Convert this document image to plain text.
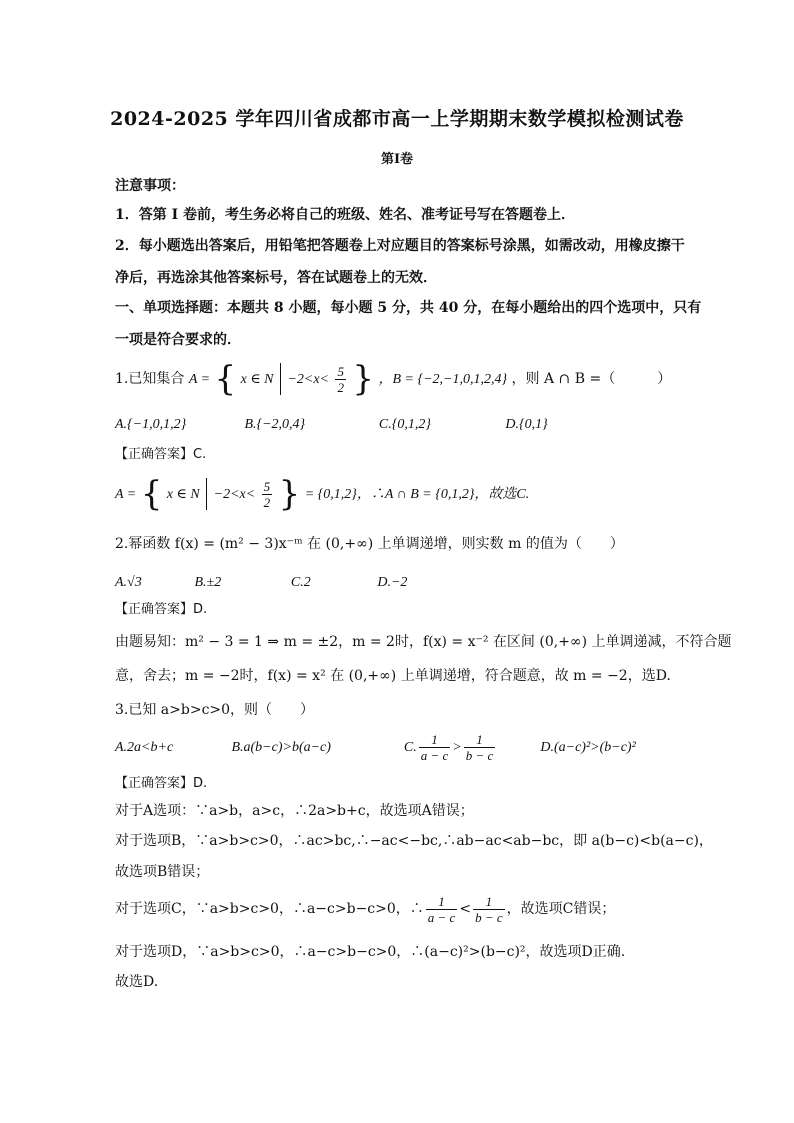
2024-2025 学年四川省成都市高一上学期期末数学模拟检测试卷
第I卷
注意事项：
1．答第 I 卷前，考生务必将自己的班级、姓名、准考证号写在答题卷上．
2．每小题选出答案后，用铅笔把答题卷上对应题目的答案标号涂黑，如需改动，用橡皮擦干
净后，再选涂其他答案标号，答在试题卷上的无效．
一、单项选择题：本题共 8 小题，每小题 5 分，共 40 分，在每小题给出的四个选项中，只有
一项是符合要求的．
1.已知集合 A = { x ∈ $N -2<x< \frac{5}{2}$ } ，B = {−2,−1,0,1,2,4} ，则 A ∩ B =（　　　）
A.{−1,0,1,2}	B.{−2,0,4}	C.{0,1,2}	D.{0,1}
【正确答案】C.
A = { x ∈ $N -2<x< \frac{5}{2}$ } = {0,1,2}，∴A ∩ B = {0,1,2}，故选C.
2.幂函数 f(x) = (m² − 3)x⁻ᵐ 在 (0,+∞) 上单调递增，则实数 m 的值为（　　）
A.√3	B.±2	C.2	D.−2
【正确答案】D.
由题易知：m² − 3 = 1 ⇒ m = ±2，m = 2时，f(x) = x⁻² 在区间 (0,+∞) 上单调递减，不符合题
意，舍去；m = −2时，f(x) = x² 在 (0,+∞) 上单调递增，符合题意，故 m = −2，选D.
3.已知 a>b>c>0，则（　　）
A.2a<b+c	B.a(b−c)>b(a−c)	C. $\frac{1}{a - c} > \frac{1}{b - c}$	D.(a−c)²>(b−c)²
【正确答案】D.
对于A选项：∵a>b，a>c，∴2a>b+c，故选项A错误；
对于选项B，∵a>b>c>0，∴ac>bc,∴−ac<−bc,∴ab−ac<ab−bc，即 a(b−c)<b(a−c)，
故选项B错误；
对于选项C，∵a>b>c>0，∴a−c>b−c>0，∴ $\frac{1}{a - c} < \frac{1}{b - c}$ ，故选项C错误；
对于选项D，∵a>b>c>0，∴a−c>b−c>0，∴(a−c)²>(b−c)²，故选项D正确.
故选D.
